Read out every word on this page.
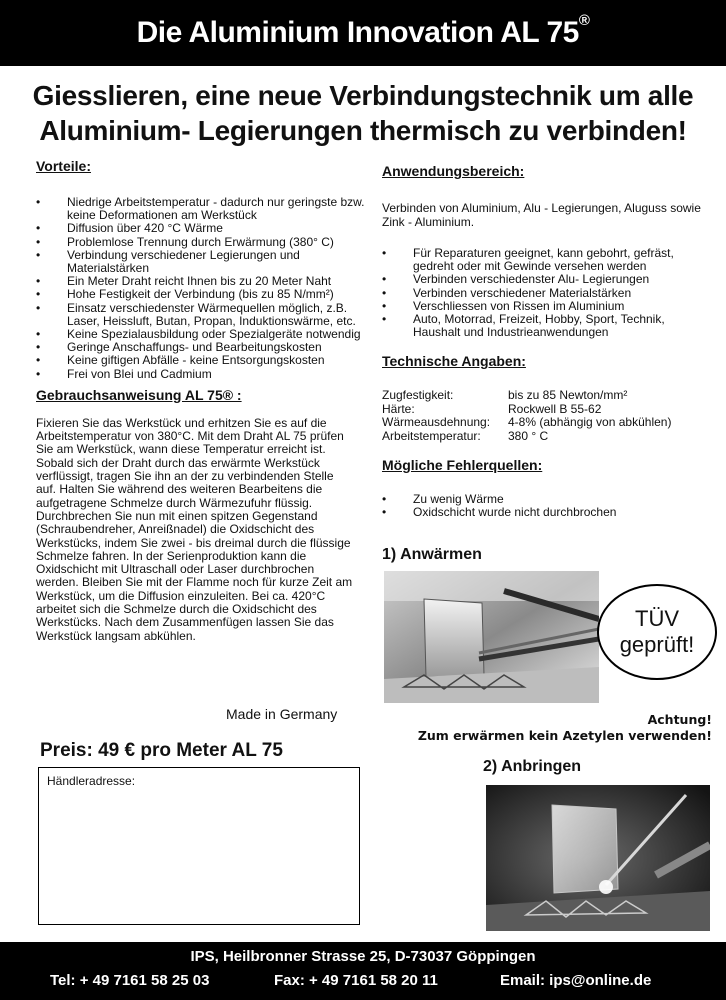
Die Aluminium Innovation AL 75®
Giesslieren, eine neue Verbindungstechnik um alle
Aluminium- Legierungen thermisch zu verbinden!
Vorteile:
• Niedrige Arbeitstemperatur - dadurch nur geringste bzw. keine Deformationen am Werkstück
• Diffusion über 420 °C Wärme
• Problemlose Trennung durch Erwärmung (380° C)
• Verbindung verschiedener Legierungen und Materialstärken
• Ein Meter Draht reicht Ihnen bis zu 20 Meter Naht
• Hohe Festigkeit der Verbindung (bis zu 85 N/mm²)
• Einsatz verschiedenster Wärmequellen möglich, z.B. Laser, Heissluft, Butan, Propan, Induktionswärme, etc.
• Keine Spezialausbildung oder Spezialgeräte notwendig
• Geringe Anschaffungs- und Bearbeitungskosten
• Keine giftigen Abfälle - keine Entsorgungskosten
• Frei von Blei und Cadmium
Gebrauchsanweisung AL 75® :

Fixieren Sie das Werkstück und erhitzen Sie es auf die Arbeitstemperatur von 380°C. Mit dem Draht AL 75 prüfen Sie am Werkstück, wann diese Temperatur erreicht ist. Sobald sich der Draht durch das erwärmte Werkstück verflüssigt, tragen Sie ihn an der zu verbindenden Stelle auf. Halten Sie während des weiteren Bearbeitens die aufgetragene Schmelze durch Wärmezufuhr flüssig. Durchbrechen Sie nun mit einen spitzen Gegenstand (Schraubendreher, Anreißnadel) die Oxidschicht des Werkstücks, indem Sie zwei - bis dreimal durch die flüssige Schmelze fahren. In der Serienproduktion kann die Oxidschicht mit Ultraschall oder Laser durchbrochen werden. Bleiben Sie mit der Flamme noch für kurze Zeit am Werkstück, um die Diffusion einzuleiten. Bei ca. 420°C arbeitet sich die Schmelze durch die Oxidschicht des Werkstücks. Nach dem Zusammenfügen lassen Sie das Werkstück langsam abkühlen.

Made in Germany
Preis: 49 € pro Meter AL 75
Händleradresse:
Anwendungsbereich:

Verbinden von Aluminium, Alu - Legierungen, Aluguss sowie Zink - Aluminium.

• Für Reparaturen geeignet, kann gebohrt, gefräst, gedreht oder mit Gewinde versehen werden
• Verbinden verschiedenster Alu- Legierungen
• Verbinden verschiedener Materialstärken
• Verschliessen von Rissen im Aluminium
• Auto, Motorrad, Freizeit, Hobby, Sport, Technik, Haushalt und Industrieanwendungen
Technische Angaben:
Zugfestigkeit:	bis zu 85 Newton/mm²
Härte:	Rockwell B 55-62
Wärmeausdehnung:	4-8% (abhängig von abkühlen)
Arbeitstemperatur:	380 ° C
Mögliche Fehlerquellen:
• Zu wenig Wärme
• Oxidschicht wurde nicht durchbrochen
1) Anwärmen
TÜV
geprüft!
Achtung!
Zum erwärmen kein Azetylen verwenden!
2) Anbringen
IPS, Heilbronner Strasse 25, D-73037 Göppingen
Tel: + 49 7161 58 25 03	Fax: + 49 7161 58 20 11	Email: ips@online.de
